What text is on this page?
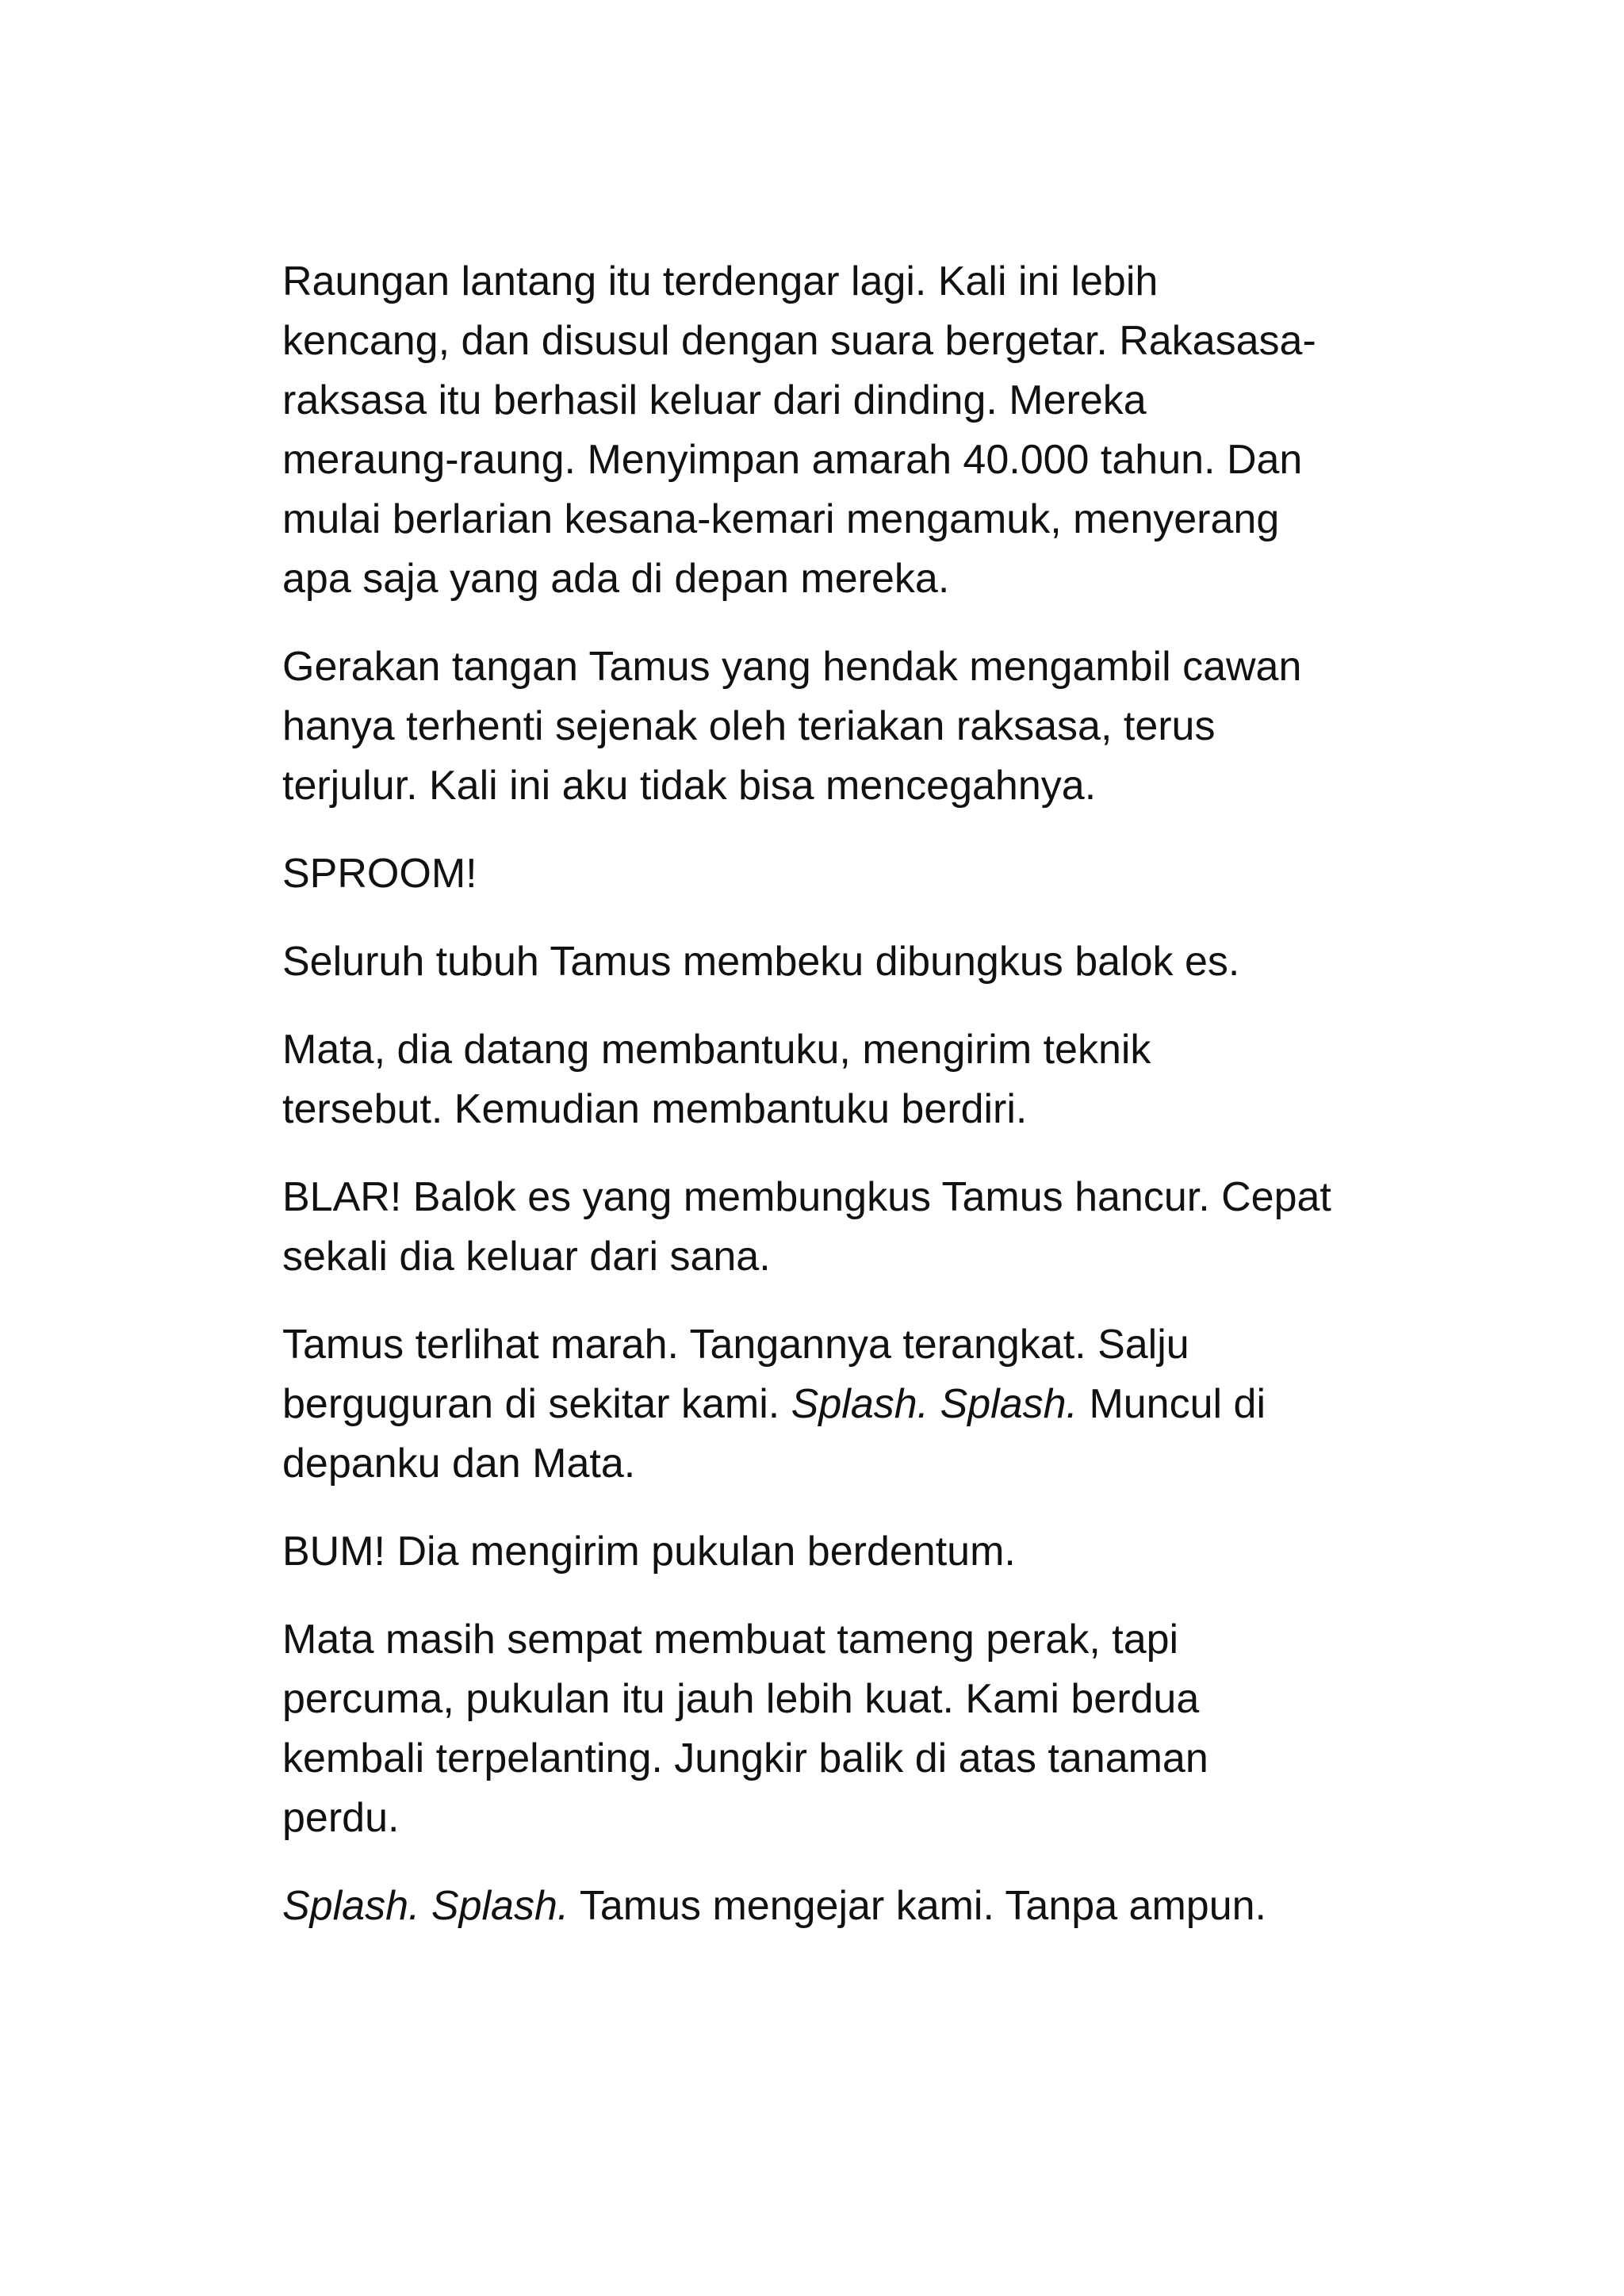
Raungan lantang itu terdengar lagi. Kali ini lebih
kencang, dan disusul dengan suara bergetar. Rakasasa-
raksasa itu berhasil keluar dari dinding. Mereka
meraung-raung. Menyimpan amarah 40.000 tahun. Dan
mulai berlarian kesana-kemari mengamuk, menyerang
apa saja yang ada di depan mereka.

Gerakan tangan Tamus yang hendak mengambil cawan
hanya terhenti sejenak oleh teriakan raksasa, terus
terjulur. Kali ini aku tidak bisa mencegahnya.

SPROOM!

Seluruh tubuh Tamus membeku dibungkus balok es.

Mata, dia datang membantuku, mengirim teknik
tersebut. Kemudian membantuku berdiri.

BLAR! Balok es yang membungkus Tamus hancur. Cepat
sekali dia keluar dari sana.

Tamus terlihat marah. Tangannya terangkat. Salju
berguguran di sekitar kami. Splash. Splash. Muncul di
depanku dan Mata.

BUM! Dia mengirim pukulan berdentum.

Mata masih sempat membuat tameng perak, tapi
percuma, pukulan itu jauh lebih kuat. Kami berdua
kembali terpelanting. Jungkir balik di atas tanaman
perdu.

Splash. Splash. Tamus mengejar kami. Tanpa ampun.
